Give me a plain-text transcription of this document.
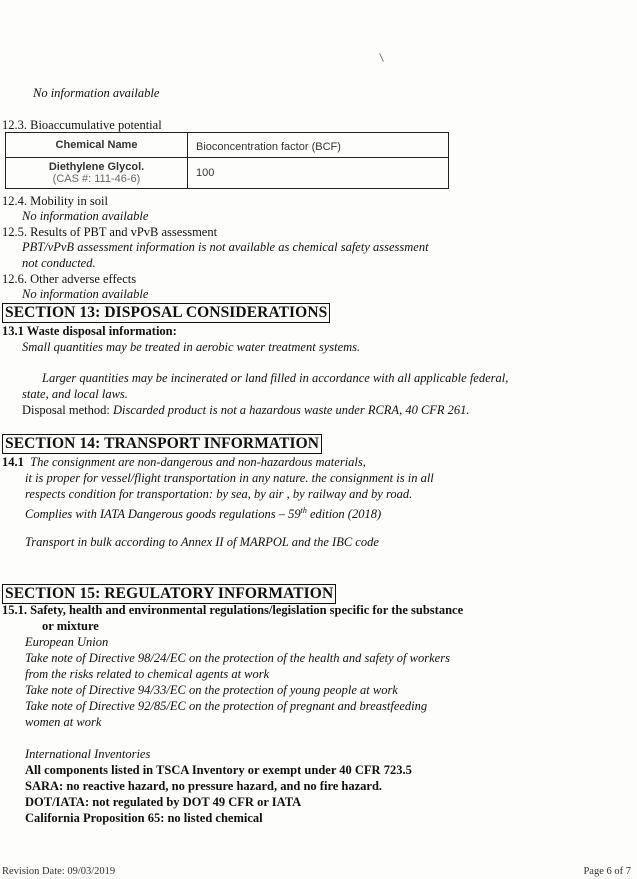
No information available
12.3. Bioaccumulative potential
Chemical Name	Bioconcentration factor (BCF)
Diethylene Glycol.
(CAS #: 111-46-6)	100
12.4. Mobility in soil
No information available
12.5. Results of PBT and vPvB assessment
PBT/vPvB assessment information is not available as chemical safety assessment
not conducted.
12.6. Other adverse effects
No information available
SECTION 13: DISPOSAL CONSIDERATIONS
13.1 Waste disposal information:
Small quantities may be treated in aerobic water treatment systems.
Larger quantities may be incinerated or land filled in accordance with all applicable federal,
state, and local laws.
Disposal method: Discarded product is not a hazardous waste under RCRA, 40 CFR 261.
SECTION 14: TRANSPORT INFORMATION
14.1 The consignment are non-dangerous and non-hazardous materials,
it is proper for vessel/flight transportation in any nature. the consignment is in all
respects condition for transportation: by sea, by air , by railway and by road.
Complies with IATA Dangerous goods regulations – 59th edition (2018)
Transport in bulk according to Annex II of MARPOL and the IBC code
SECTION 15: REGULATORY INFORMATION
15.1. Safety, health and environmental regulations/legislation specific for the substance
or mixture
European Union
Take note of Directive 98/24/EC on the protection of the health and safety of workers
from the risks related to chemical agents at work
Take note of Directive 94/33/EC on the protection of young people at work
Take note of Directive 92/85/EC on the protection of pregnant and breastfeeding
women at work
International Inventories
All components listed in TSCA Inventory or exempt under 40 CFR 723.5
SARA: no reactive hazard, no pressure hazard, and no fire hazard.
DOT/IATA: not regulated by DOT 49 CFR or IATA
California Proposition 65: no listed chemical
Revision Date: 09/03/2019	Page 6 of 7
